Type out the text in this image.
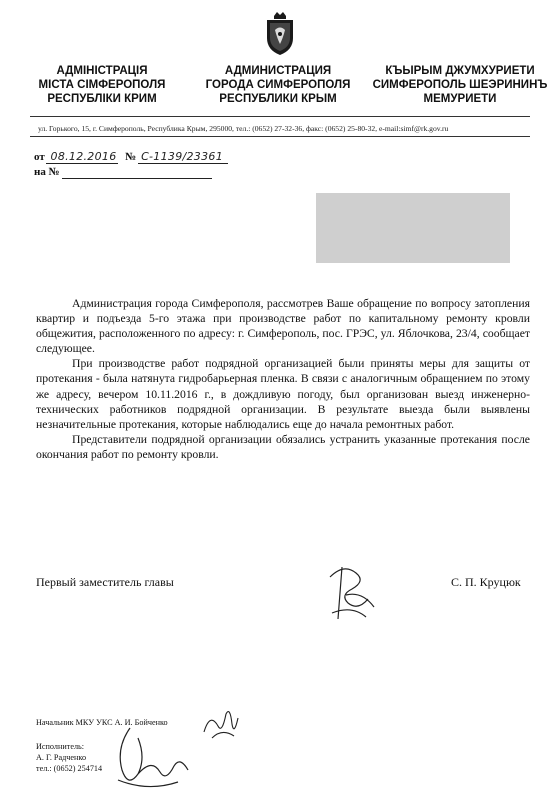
АДМІНІСТРАЦІЯ
МІСТА СІМФЕРОПОЛЯ
РЕСПУБЛІКИ КРИМ
АДМИНИСТРАЦИЯ
ГОРОДА СИМФЕРОПОЛЯ
РЕСПУБЛИКИ КРЫМ
КЪЫРЫМ ДЖУМХУРИЕТИ
СИМФЕРОПОЛЬ ШЕЭРИНИНЪ
МЕМУРИЕТИ
ул. Горького, 15, г. Симферополь, Республика Крым, 295000, тел.: (0652) 27-32-36, факс: (0652) 25-80-32, e-mail:simf@rk.gov.ru
от 08.12.2016 № С-1139/23361
на №

Администрация города Симферополя, рассмотрев Ваше обращение по вопросу затопления квартир и подъезда 5-го этажа при производстве работ по капитальному ремонту кровли общежития, расположенного по адресу: г. Симферополь, пос. ГРЭС, ул. Яблочкова, 23/4, сообщает следующее.

При производстве работ подрядной организацией были приняты меры для защиты от протекания - была натянута гидробарьерная пленка. В связи с аналогичным обращением по этому же адресу, вечером 10.11.2016 г., в дождливую погоду, был организован выезд инженерно-технических работников подрядной организации. В результате выезда были выявлены незначительные протекания, которые наблюдались еще до начала ремонтных работ.

Представители подрядной организации обязались устранить указанные протекания после окончания работ по ремонту кровли.

Первый заместитель главы	С. П. Круцюк
Начальник МКУ УКС А. И. Бойченко
Исполнитель:
А. Г. Радченко
тел.: (0652) 254714
